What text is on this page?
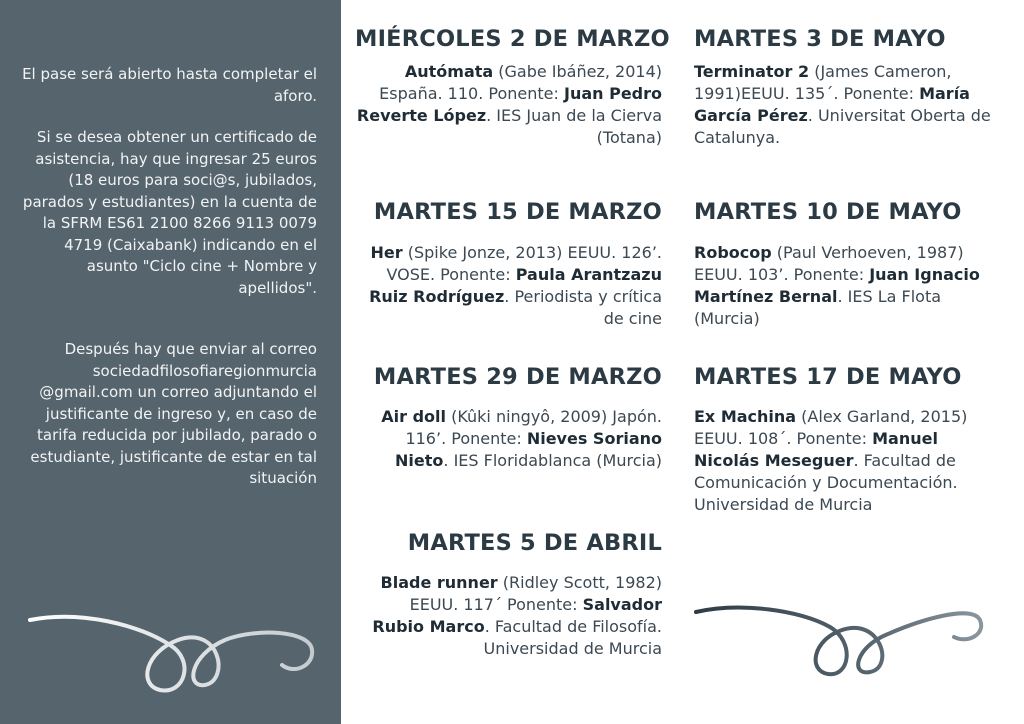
El pase será abierto hasta completar el aforo.

Si se desea obtener un certificado de asistencia, hay que ingresar 25 euros (18 euros para soci@s, jubilados, parados y estudiantes) en la cuenta de la SFRM ES61 2100 8266 9113 0079 4719 (Caixabank) indicando en el asunto "Ciclo cine + Nombre y apellidos".

Después hay que enviar al correo sociedadfilosofiaregionmurcia @gmail.com un correo adjuntando el justificante de ingreso y, en caso de tarifa reducida por jubilado, parado o estudiante, justificante de estar en tal situación

MIÉRCOLES 2 DE MARZO

Autómata (Gabe Ibáñez, 2014) España. 110. Ponente: Juan Pedro Reverte López. IES Juan de la Cierva (Totana)

MARTES 15 DE MARZO

Her (Spike Jonze, 2013) EEUU. 126’. VOSE. Ponente: Paula Arantzazu Ruiz Rodríguez. Periodista y crítica de cine

MARTES 29 DE MARZO

Air doll (Kûki ningyô, 2009) Japón. 116’. Ponente: Nieves Soriano Nieto. IES Floridablanca (Murcia)

MARTES 5 DE ABRIL

Blade runner (Ridley Scott, 1982) EEUU. 117´ Ponente: Salvador Rubio Marco. Facultad de Filosofía. Universidad de Murcia

MARTES 3 DE MAYO

Terminator 2 (James Cameron, 1991)EEUU. 135´. Ponente: María García Pérez. Universitat Oberta de Catalunya.

MARTES 10 DE MAYO

Robocop (Paul Verhoeven, 1987) EEUU. 103’. Ponente: Juan Ignacio Martínez Bernal. IES La Flota (Murcia)

MARTES 17 DE MAYO

Ex Machina (Alex Garland, 2015) EEUU. 108´. Ponente: Manuel Nicolás Meseguer. Facultad de Comunicación y Documentación. Universidad de Murcia
